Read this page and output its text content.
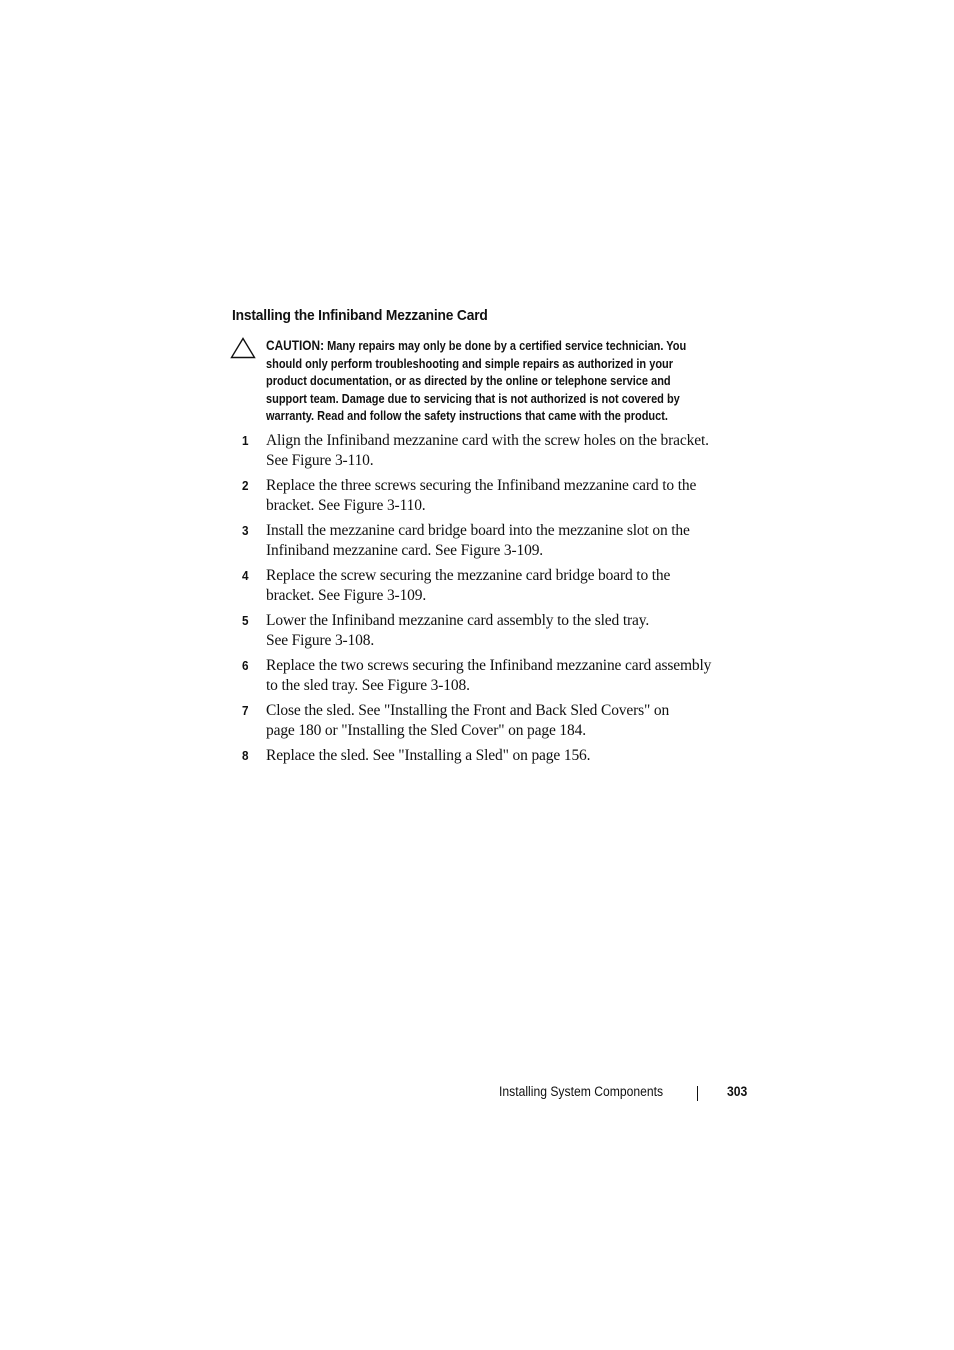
Installing the Infiniband Mezzanine Card
CAUTION: Many repairs may only be done by a certified service technician. You
should only perform troubleshooting and simple repairs as authorized in your
product documentation, or as directed by the online or telephone service and
support team. Damage due to servicing that is not authorized is not covered by
warranty. Read and follow the safety instructions that came with the product.
1 Align the Infiniband mezzanine card with the screw holes on the bracket.
See Figure 3-110.
2 Replace the three screws securing the Infiniband mezzanine card to the
bracket. See Figure 3-110.
3 Install the mezzanine card bridge board into the mezzanine slot on the
Infiniband mezzanine card. See Figure 3-109.
4 Replace the screw securing the mezzanine card bridge board to the
bracket. See Figure 3-109.
5 Lower the Infiniband mezzanine card assembly to the sled tray.
See Figure 3-108.
6 Replace the two screws securing the Infiniband mezzanine card assembly
to the sled tray. See Figure 3-108.
7 Close the sled. See "Installing the Front and Back Sled Covers" on
page 180 or "Installing the Sled Cover" on page 184.
8 Replace the sled. See "Installing a Sled" on page 156.
Installing System Components	303
